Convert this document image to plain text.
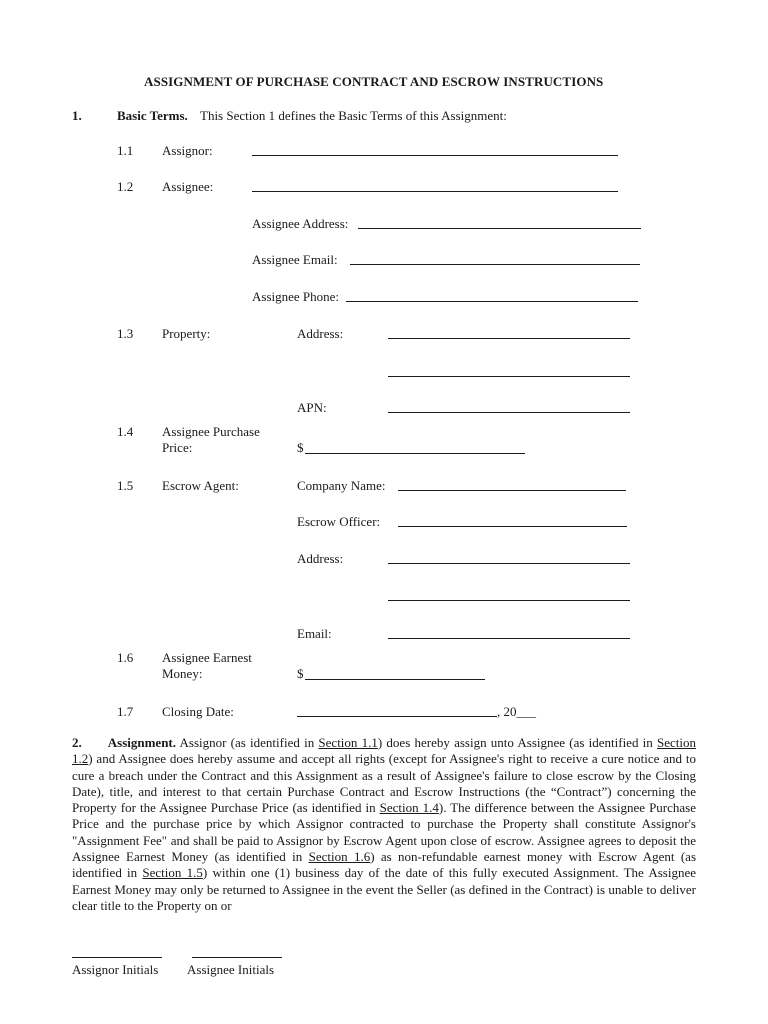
ASSIGNMENT OF PURCHASE CONTRACT AND ESCROW INSTRUCTIONS
1.	Basic Terms. This Section 1 defines the Basic Terms of this Assignment:
1.1 Assignor:
1.2 Assignee:
Assignee Address:
Assignee Email:
Assignee Phone:
1.3 Property:	Address:
APN:
1.4 Assignee Purchase
Price:	$
1.5 Escrow Agent:	Company Name:
Escrow Officer:
Address:
Email:
1.6 Assignee Earnest
Money:	$
1.7 Closing Date:	, 20___
2. Assignment. Assignor (as identified in Section 1.1) does hereby assign unto Assignee (as identified in Section 1.2) and Assignee does hereby assume and accept all rights (except for Assignee's right to receive a cure notice and to cure a breach under the Contract and this Assignment as a result of Assignee's failure to close escrow by the Closing Date), title, and interest to that certain Purchase Contract and Escrow Instructions (the “Contract”) concerning the Property for the Assignee Purchase Price (as identified in Section 1.4). The difference between the Assignee Purchase Price and the purchase price by which Assignor contracted to purchase the Property shall constitute Assignor's "Assignment Fee" and shall be paid to Assignor by Escrow Agent upon close of escrow. Assignee agrees to deposit the Assignee Earnest Money (as identified in Section 1.6) as non-refundable earnest money with Escrow Agent (as identified in Section 1.5) within one (1) business day of the date of this fully executed Assignment. The Assignee Earnest Money may only be returned to Assignee in the event the Seller (as defined in the Contract) is unable to deliver clear title to the Property on or
Assignor Initials Assignee Initials
